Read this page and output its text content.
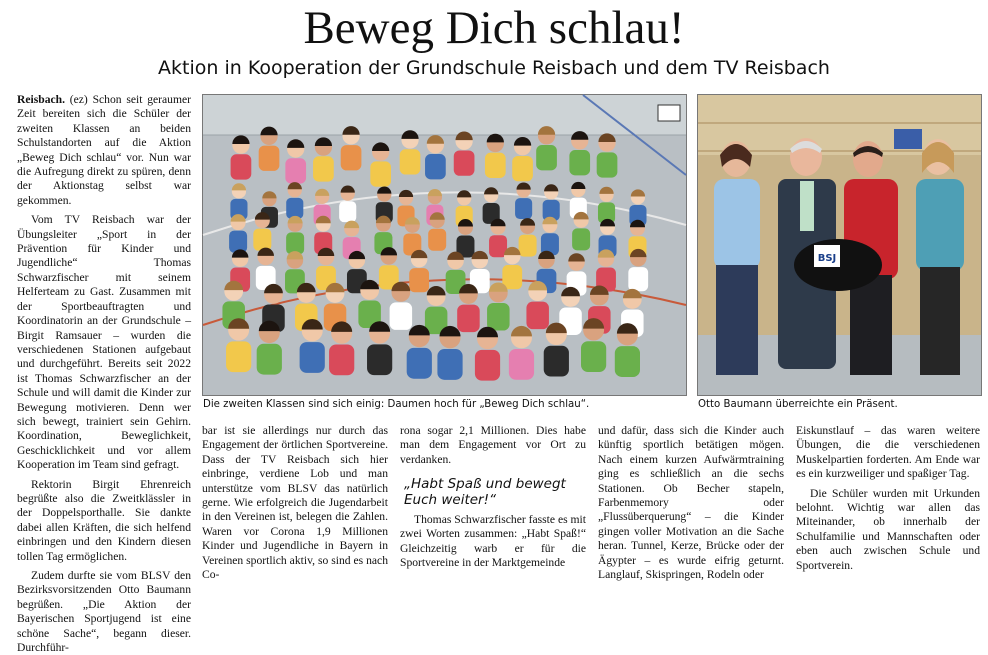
Beweg Dich schlau!
Aktion in Kooperation der Grundschule Reisbach und dem TV Reisbach

Reisbach. (ez) Schon seit geraumer Zeit bereiten sich die Schüler der zweiten Klassen an beiden Schulstandorten auf die Aktion „Beweg Dich schlau“ vor. Nun war die Aufregung direkt zu spüren, denn der Aktionstag selbst war gekommen.

Vom TV Reisbach war der Übungsleiter „Sport in der Prävention für Kinder und Jugendliche“ Thomas Schwarzfischer mit seinem Helferteam zu Gast. Zusammen mit der Sportbeauftragten und Koordinatorin an der Grundschule – Birgit Ramsauer – wurden die verschiedenen Stationen aufgebaut und durchgeführt. Bereits seit 2022 ist Thomas Schwarzfischer an der Schule und will damit die Kinder zur Bewegung motivieren. Denn wer sich bewegt, trainiert sein Gehirn. Koordination, Beweglichkeit, Geschicklichkeit und vor allem Kooperation im Team sind gefragt.

Rektorin Birgit Ehrenreich begrüßte also die Zweitklässler in der Doppelsporthalle. Sie dankte dabei allen Kräften, die sich helfend einbringen und den Kindern diesen tollen Tag ermöglichen.

Zudem durfte sie vom BLSV den Bezirksvorsitzenden Otto Baumann begrüßen. „Die Aktion der Bayerischen Sportjugend ist eine schöne Sache“, begann dieser. Durchführ-

Die zweiten Klassen sind sich einig: Daumen hoch für „Beweg Dich schlau“.
BSJ
Otto Baumann überreichte ein Präsent.

bar ist sie allerdings nur durch das Engagement der örtlichen Sportvereine. Dass der TV Reisbach sich hier einbringe, verdiene Lob und man unterstütze vom BLSV das natürlich gerne. Wie erfolgreich die Jugendarbeit in den Vereinen ist, belegen die Zahlen. Waren vor Corona 1,9 Millionen Kinder und Jugendliche in Bayern in Vereinen sportlich aktiv, so sind es nach Co-

rona sogar 2,1 Millionen. Dies habe man dem Engagement vor Ort zu verdanken.

„Habt Spaß und bewegt Euch weiter!“

Thomas Schwarzfischer fasste es mit zwei Worten zusammen: „Habt Spaß!“ Gleichzeitig warb er für die Sportvereine in der Marktgemeinde

und dafür, dass sich die Kinder auch künftig sportlich betätigen mögen. Nach einem kurzen Aufwärmtraining ging es schließlich an die sechs Stationen. Ob Becher stapeln, Farbenmemory oder „Flussüberquerung“ – die Kinder gingen voller Motivation an die Sache heran. Tunnel, Kerze, Brücke oder der Ägypter – es wurde eifrig geturnt. Langlauf, Skispringen, Rodeln oder

Eiskunstlauf – das waren weitere Übungen, die die verschiedenen Muskelpartien forderten. Am Ende war es ein kurzweiliger und spaßiger Tag.

Die Schüler wurden mit Urkunden belohnt. Wichtig war allen das Miteinander, ob innerhalb der Schulfamilie und Mannschaften oder eben auch zwischen Schule und Sportverein.
